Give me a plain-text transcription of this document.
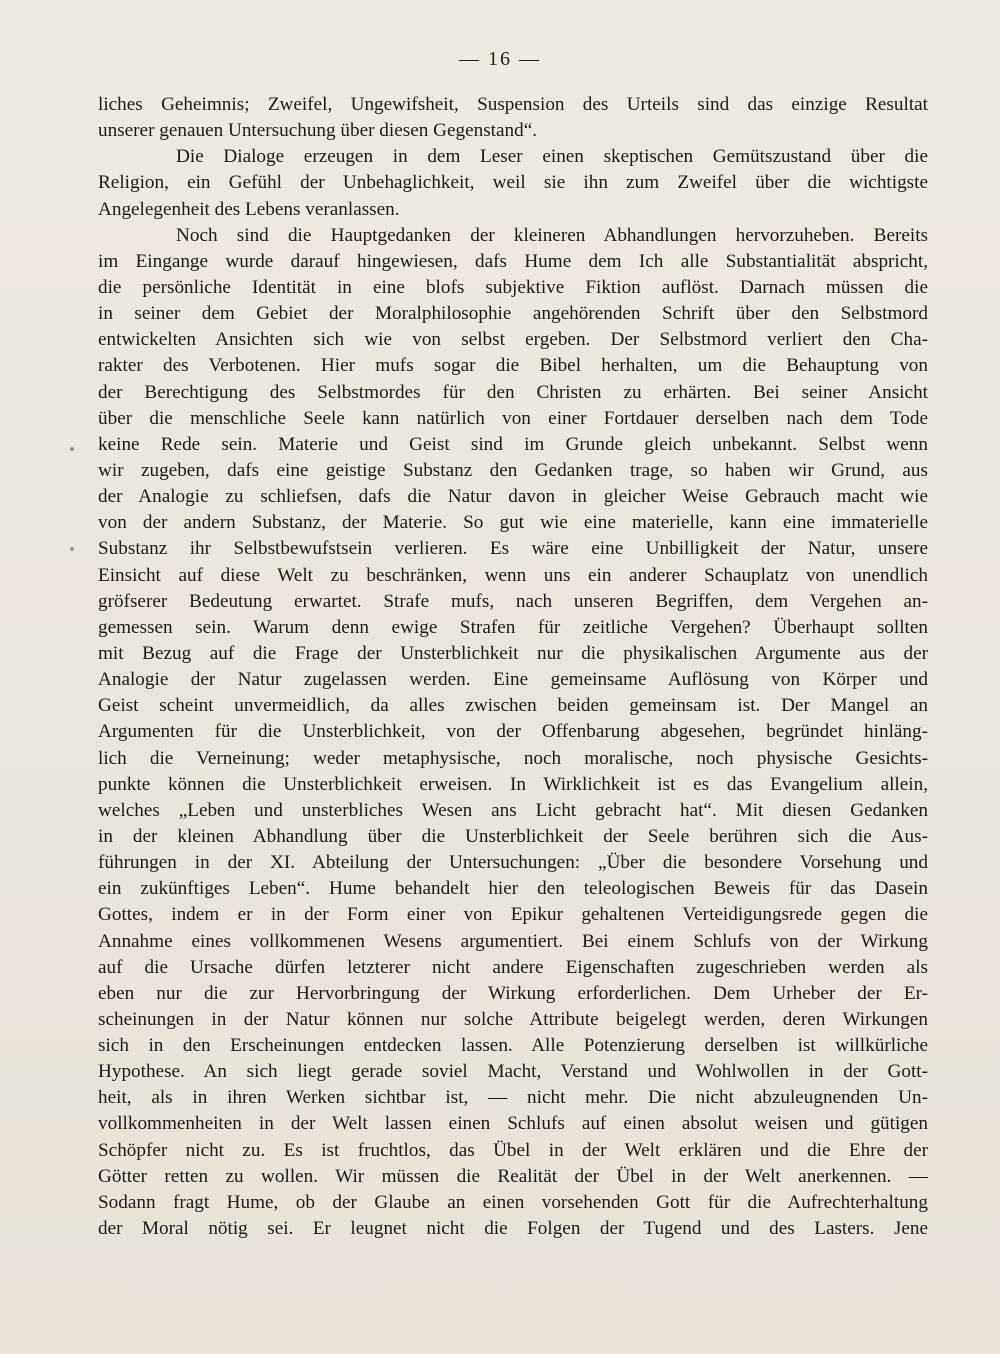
— 16 —
liches Geheimnis; Zweifel, Ungewifsheit, Suspension des Urteils sind das einzige Resultat
unserer genauen Untersuchung über diesen Gegenstand“.
Die Dialoge erzeugen in dem Leser einen skeptischen Gemütszustand über die
Religion, ein Gefühl der Unbehaglichkeit, weil sie ihn zum Zweifel über die wichtigste
Angelegenheit des Lebens veranlassen.
Noch sind die Hauptgedanken der kleineren Abhandlungen hervorzuheben. Bereits
im Eingange wurde darauf hingewiesen, dafs Hume dem Ich alle Substantialität abspricht,
die persönliche Identität in eine blofs subjektive Fiktion auflöst. Darnach müssen die
in seiner dem Gebiet der Moralphilosophie angehörenden Schrift über den Selbstmord
entwickelten Ansichten sich wie von selbst ergeben. Der Selbstmord verliert den Cha-
rakter des Verbotenen. Hier mufs sogar die Bibel herhalten, um die Behauptung von
der Berechtigung des Selbstmordes für den Christen zu erhärten. Bei seiner Ansicht
über die menschliche Seele kann natürlich von einer Fortdauer derselben nach dem Tode
keine Rede sein. Materie und Geist sind im Grunde gleich unbekannt. Selbst wenn
wir zugeben, dafs eine geistige Substanz den Gedanken trage, so haben wir Grund, aus
der Analogie zu schliefsen, dafs die Natur davon in gleicher Weise Gebrauch macht wie
von der andern Substanz, der Materie. So gut wie eine materielle, kann eine immaterielle
Substanz ihr Selbstbewufstsein verlieren. Es wäre eine Unbilligkeit der Natur, unsere
Einsicht auf diese Welt zu beschränken, wenn uns ein anderer Schauplatz von unendlich
gröfserer Bedeutung erwartet. Strafe mufs, nach unseren Begriffen, dem Vergehen an-
gemessen sein. Warum denn ewige Strafen für zeitliche Vergehen? Überhaupt sollten
mit Bezug auf die Frage der Unsterblichkeit nur die physikalischen Argumente aus der
Analogie der Natur zugelassen werden. Eine gemeinsame Auflösung von Körper und
Geist scheint unvermeidlich, da alles zwischen beiden gemeinsam ist. Der Mangel an
Argumenten für die Unsterblichkeit, von der Offenbarung abgesehen, begründet hinläng-
lich die Verneinung; weder metaphysische, noch moralische, noch physische Gesichts-
punkte können die Unsterblichkeit erweisen. In Wirklichkeit ist es das Evangelium allein,
welches „Leben und unsterbliches Wesen ans Licht gebracht hat“. Mit diesen Gedanken
in der kleinen Abhandlung über die Unsterblichkeit der Seele berühren sich die Aus-
führungen in der XI. Abteilung der Untersuchungen: „Über die besondere Vorsehung und
ein zukünftiges Leben“. Hume behandelt hier den teleologischen Beweis für das Dasein
Gottes, indem er in der Form einer von Epikur gehaltenen Verteidigungsrede gegen die
Annahme eines vollkommenen Wesens argumentiert. Bei einem Schlufs von der Wirkung
auf die Ursache dürfen letzterer nicht andere Eigenschaften zugeschrieben werden als
eben nur die zur Hervorbringung der Wirkung erforderlichen. Dem Urheber der Er-
scheinungen in der Natur können nur solche Attribute beigelegt werden, deren Wirkungen
sich in den Erscheinungen entdecken lassen. Alle Potenzierung derselben ist willkürliche
Hypothese. An sich liegt gerade soviel Macht, Verstand und Wohlwollen in der Gott-
heit, als in ihren Werken sichtbar ist, — nicht mehr. Die nicht abzuleugnenden Un-
vollkommenheiten in der Welt lassen einen Schlufs auf einen absolut weisen und gütigen
Schöpfer nicht zu. Es ist fruchtlos, das Übel in der Welt erklären und die Ehre der
Götter retten zu wollen. Wir müssen die Realität der Übel in der Welt anerkennen. —
Sodann fragt Hume, ob der Glaube an einen vorsehenden Gott für die Aufrechterhaltung
der Moral nötig sei. Er leugnet nicht die Folgen der Tugend und des Lasters. Jene
